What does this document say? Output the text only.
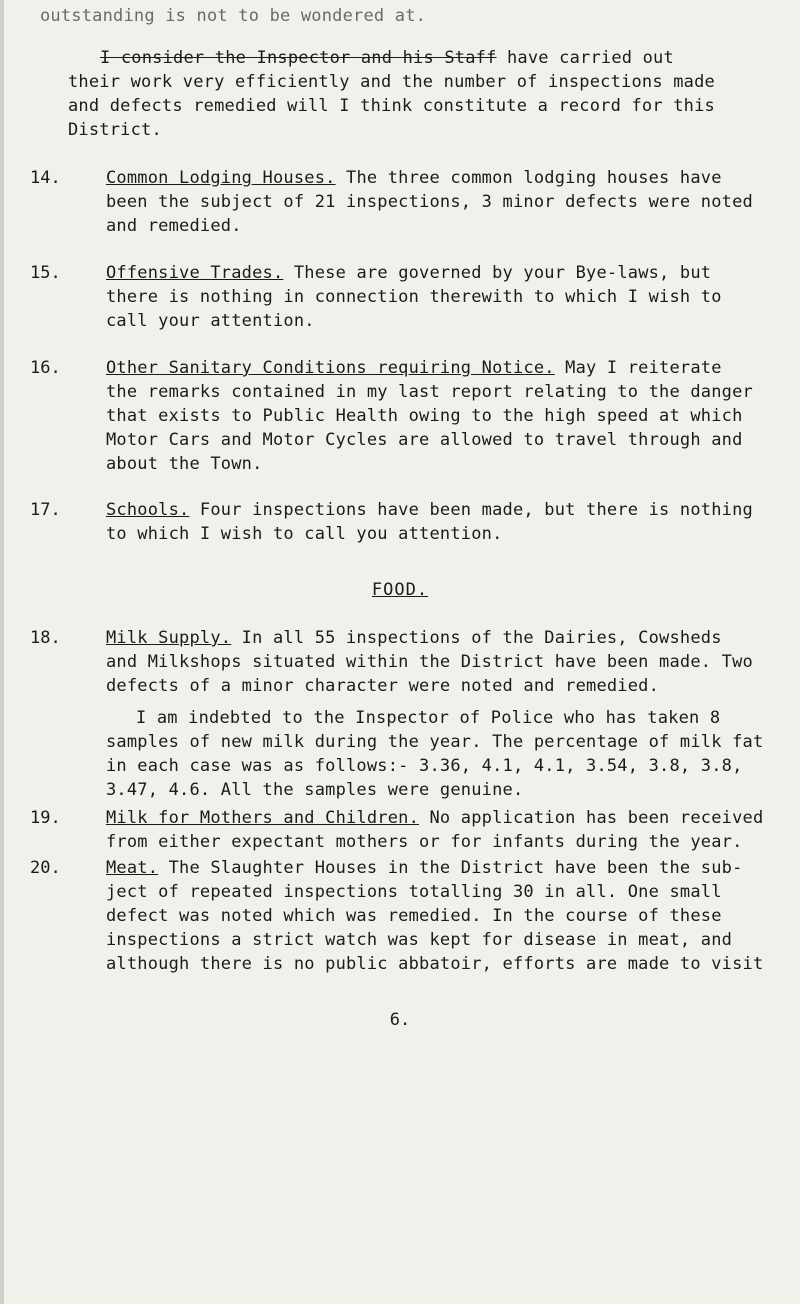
outstanding is not to be wondered at.
I consider the Inspector and his Staff have carried out
their work very efficiently and the number of inspections made
and defects remedied will I think constitute a record for this
District.
14.	Common Lodging Houses. The three common lodging houses have
been the subject of 21 inspections, 3 minor defects were noted
and remedied.
15.	Offensive Trades. These are governed by your Bye-laws, but
there is nothing in connection therewith to which I wish to
call your attention.
16.	Other Sanitary Conditions requiring Notice. May I reiterate
the remarks contained in my last report relating to the danger
that exists to Public Health owing to the high speed at which
Motor Cars and Motor Cycles are allowed to travel through and
about the Town.
17.	Schools. Four inspections have been made, but there is nothing
to which I wish to call you attention.
FOOD.
18.	Milk Supply. In all 55 inspections of the Dairies, Cowsheds
and Milkshops situated within the District have been made. Two
defects of a minor character were noted and remedied.
I am indebted to the Inspector of Police who has taken 8
samples of new milk during the year. The percentage of milk fat
in each case was as follows:- 3.36, 4.1, 4.1, 3.54, 3.8, 3.8,
3.47, 4.6. All the samples were genuine.
19.	Milk for Mothers and Children. No application has been received
from either expectant mothers or for infants during the year.
20.	Meat. The Slaughter Houses in the District have been the sub-
ject of repeated inspections totalling 30 in all. One small
defect was noted which was remedied. In the course of these
inspections a strict watch was kept for disease in meat, and
although there is no public abbatoir, efforts are made to visit
6.
